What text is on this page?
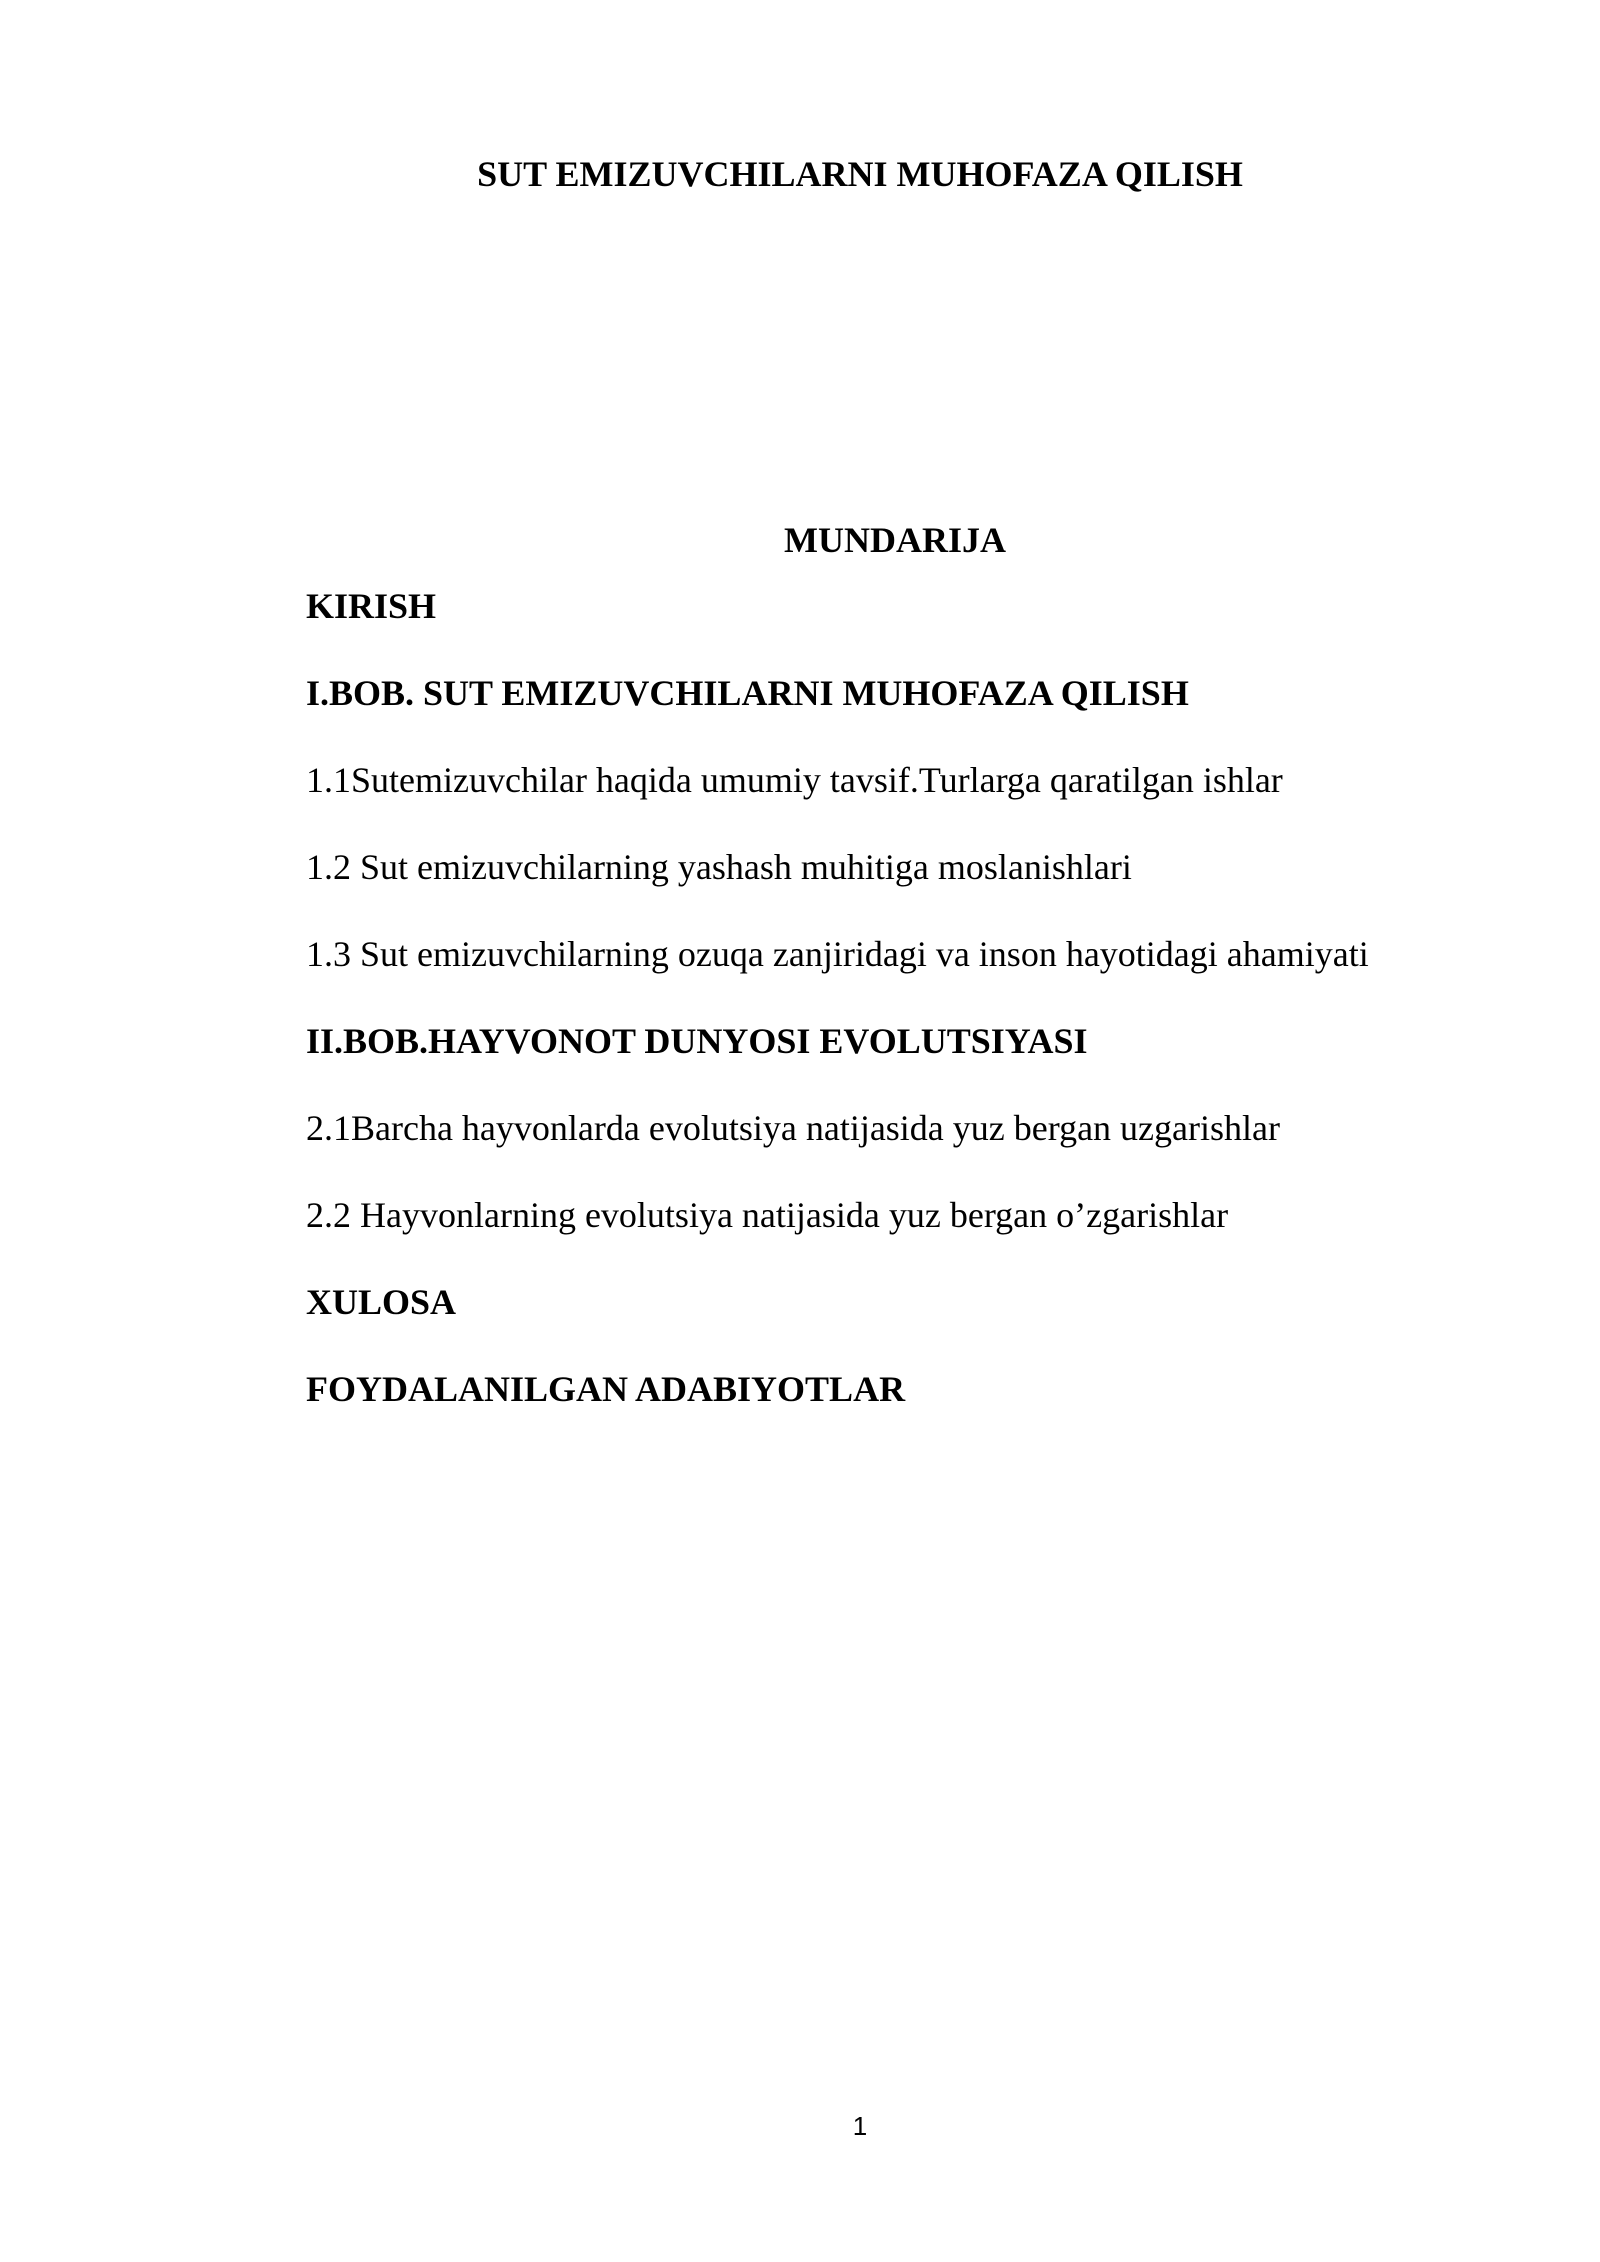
SUT EMIZUVCHILARNI MUHOFAZA QILISH
MUNDARIJA
KIRISH
I.BOB. SUT EMIZUVCHILARNI MUHOFAZA QILISH
1.1Sutemizuvchilar haqida umumiy tavsif.Turlarga qaratilgan ishlar
1.2 Sut emizuvchilarning yashash muhitiga moslanishlari
1.3 Sut emizuvchilarning ozuqa zanjiridagi va inson hayotidagi ahamiyati
II.BOB.HAYVONOT DUNYOSI EVOLUTSIYASI
2.1Barcha hayvonlarda evolutsiya natijasida yuz bergan uzgarishlar
2.2 Hayvonlarning evolutsiya natijasida yuz bergan o’zgarishlar
XULOSA
FOYDALANILGAN ADABIYOTLAR
1
